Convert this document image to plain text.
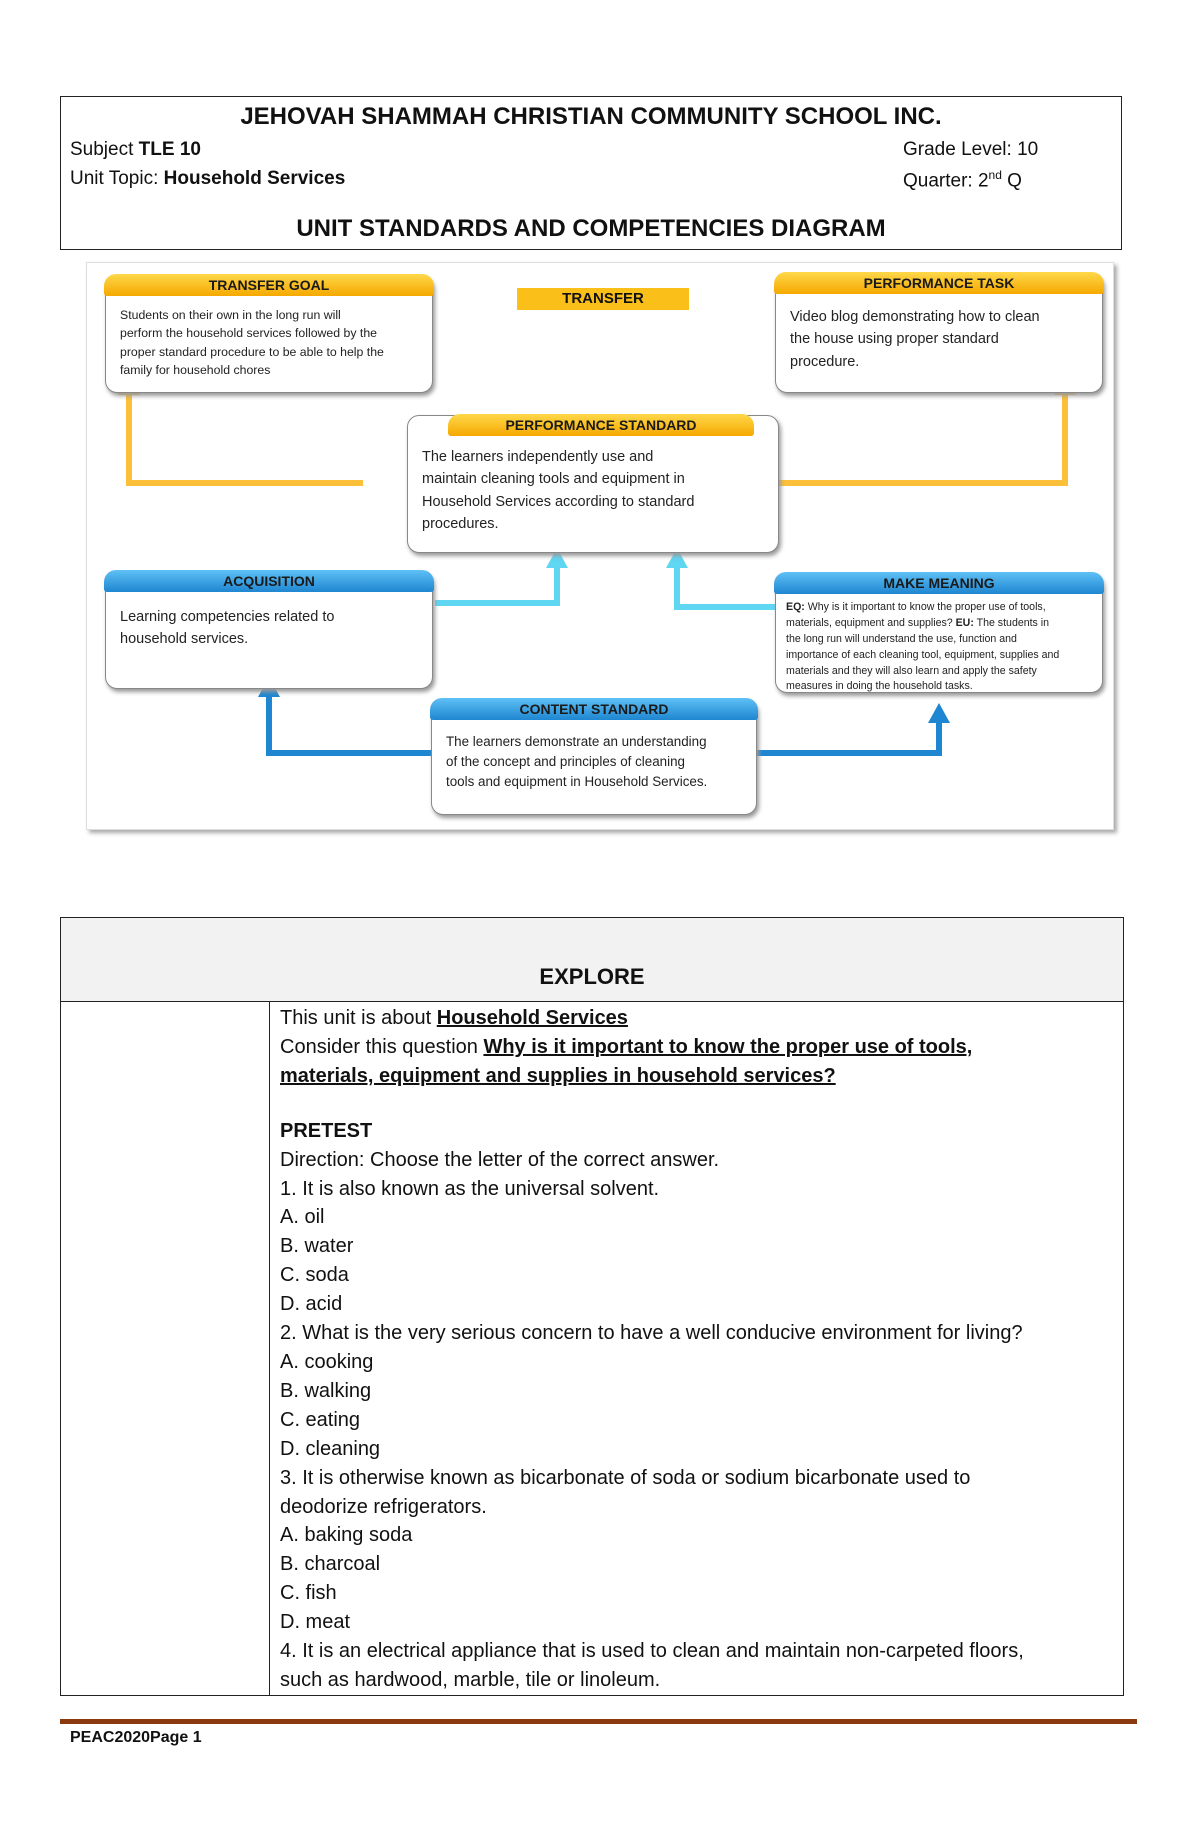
JEHOVAH SHAMMAH CHRISTIAN COMMUNITY SCHOOL INC.
Subject TLE 10
Unit Topic: Household Services
Grade Level: 10
Quarter: 2nd Q
UNIT STANDARDS AND COMPETENCIES DIAGRAM
TRANSFER
TRANSFER GOAL
Students on their own in the long run will
perform the household services followed by the
proper standard procedure to be able to help the
family for household chores
PERFORMANCE TASK
Video blog demonstrating how to clean
the house using proper standard
procedure.
PERFORMANCE STANDARD
The learners independently use and
maintain cleaning tools and equipment in
Household Services according to standard
procedures.
ACQUISITION
Learning competencies related to
household services.
MAKE MEANING
EQ: Why is it important to know the proper use of tools,
materials, equipment and supplies? EU: The students in
the long run will understand the use, function and
importance of each cleaning tool, equipment, supplies and
materials and they will also learn and apply the safety
measures in doing the household tasks.
CONTENT STANDARD
The learners demonstrate an understanding
of the concept and principles of cleaning
tools and equipment in Household Services.
EXPLORE
This unit is about Household Services
Consider this question Why is it important to know the proper use of tools,
materials, equipment and supplies in household services?
PRETEST
Direction: Choose the letter of the correct answer.
1. It is also known as the universal solvent.
A. oil
B. water
C. soda
D. acid
2. What is the very serious concern to have a well conducive environment for living?
A. cooking
B. walking
C. eating
D. cleaning
3. It is otherwise known as bicarbonate of soda or sodium bicarbonate used to
deodorize refrigerators.
A. baking soda
B. charcoal
C. fish
D. meat
4. It is an electrical appliance that is used to clean and maintain non-carpeted floors,
such as hardwood, marble, tile or linoleum.
PEAC2020Page 1
